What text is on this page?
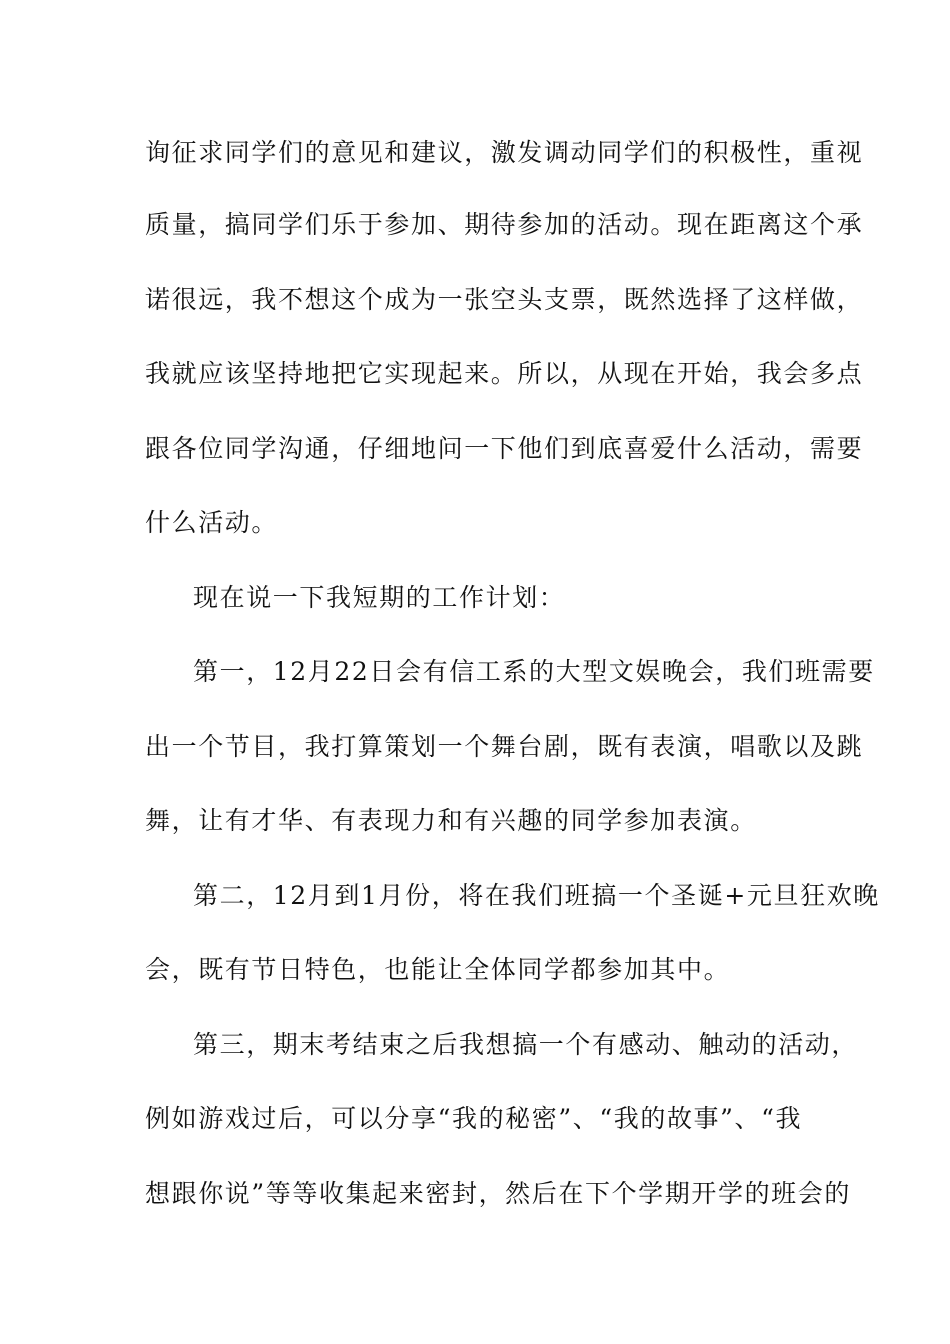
询征求同学们的意见和建议，激发调动同学们的积极性，重视
质量，搞同学们乐于参加、期待参加的活动。现在距离这个承
诺很远，我不想这个成为一张空头支票，既然选择了这样做，
我就应该坚持地把它实现起来。所以，从现在开始，我会多点
跟各位同学沟通，仔细地问一下他们到底喜爱什么活动，需要
什么活动。
现在说一下我短期的工作计划：
第一，12月22日会有信工系的大型文娱晚会，我们班需要
出一个节目，我打算策划一个舞台剧，既有表演，唱歌以及跳
舞，让有才华、有表现力和有兴趣的同学参加表演。
第二，12月到1月份，将在我们班搞一个圣诞+元旦狂欢晚
会，既有节日特色，也能让全体同学都参加其中。
第三，期末考结束之后我想搞一个有感动、触动的活动，
例如游戏过后，可以分享“我的秘密”、“我的故事”、“我
想跟你说”等等收集起来密封，然后在下个学期开学的班会的
